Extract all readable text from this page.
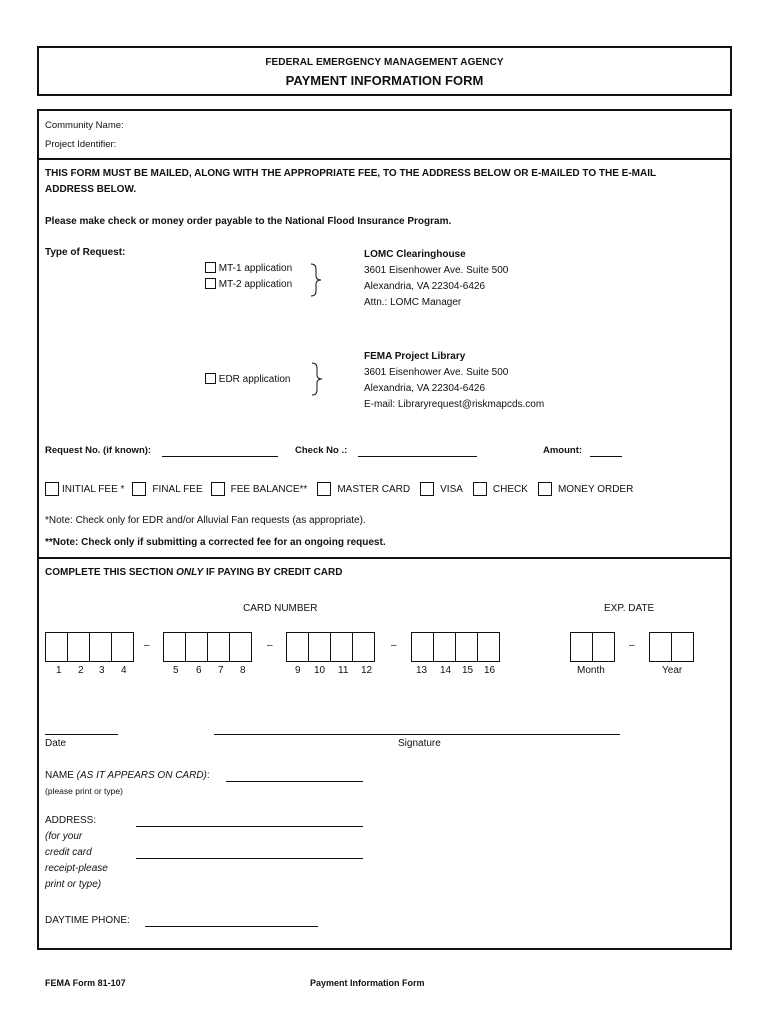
FEDERAL EMERGENCY MANAGEMENT AGENCY
PAYMENT INFORMATION FORM
Community Name:
Project Identifier:
THIS FORM MUST BE MAILED, ALONG WITH THE APPROPRIATE FEE, TO THE ADDRESS BELOW OR E-MAILED TO THE E-MAIL
ADDRESS BELOW.
Please make check or money order payable to the National Flood Insurance Program.
Type of Request:
MT-1 application
MT-2 application
LOMC Clearinghouse
3601 Eisenhower Ave. Suite 500
Alexandria, VA 22304-6426
Attn.: LOMC Manager
EDR application
FEMA Project Library
3601 Eisenhower Ave. Suite 500
Alexandria, VA 22304-6426
E-mail: Libraryrequest@riskmapcds.com
Request No. (if known):	Check No .:	Amount:
INITIAL FEE *	FINAL FEE	FEE BALANCE**	MASTER CARD	VISA	CHECK	MONEY ORDER
*Note: Check only for EDR and/or Alluvial Fan requests (as appropriate).
**Note: Check only if submitting a corrected fee for an ongoing request.
COMPLETE THIS SECTION ONLY IF PAYING BY CREDIT CARD
CARD NUMBER	EXP. DATE
–	–	–	–
1 2 3 4	5 6 7 8	9 10 11 12	13 14 15 16	Month	Year
Date	Signature
NAME (AS IT APPEARS ON CARD):
(please print or type)
ADDRESS:
(for your
credit card
receipt-please
print or type)
DAYTIME PHONE:
FEMA Form 81-107	Payment Information Form
